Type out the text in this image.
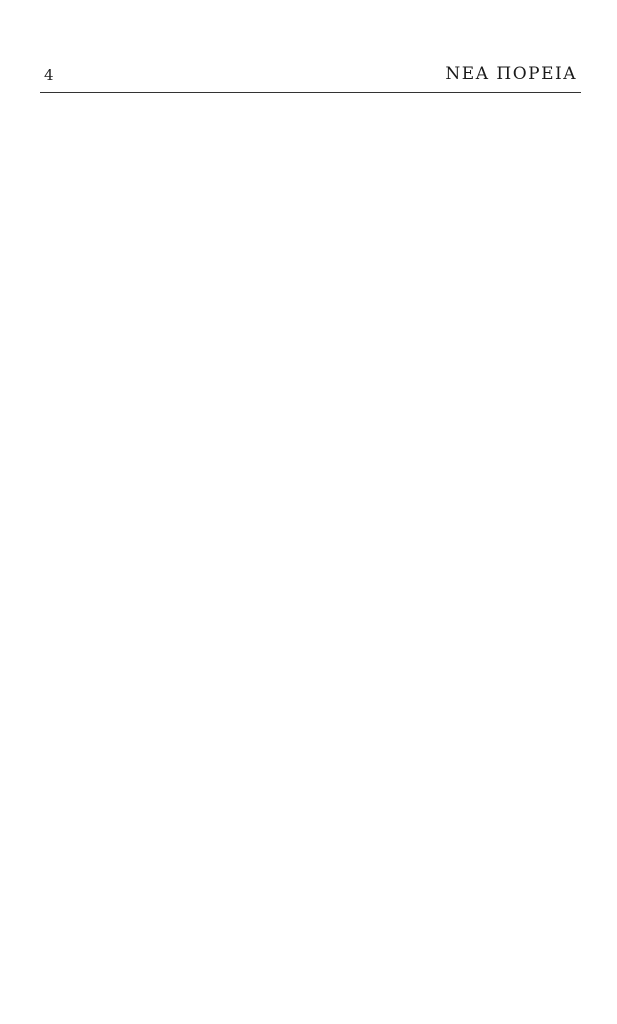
4	ΝΕΑ ΠΟΡΕΙΑ
